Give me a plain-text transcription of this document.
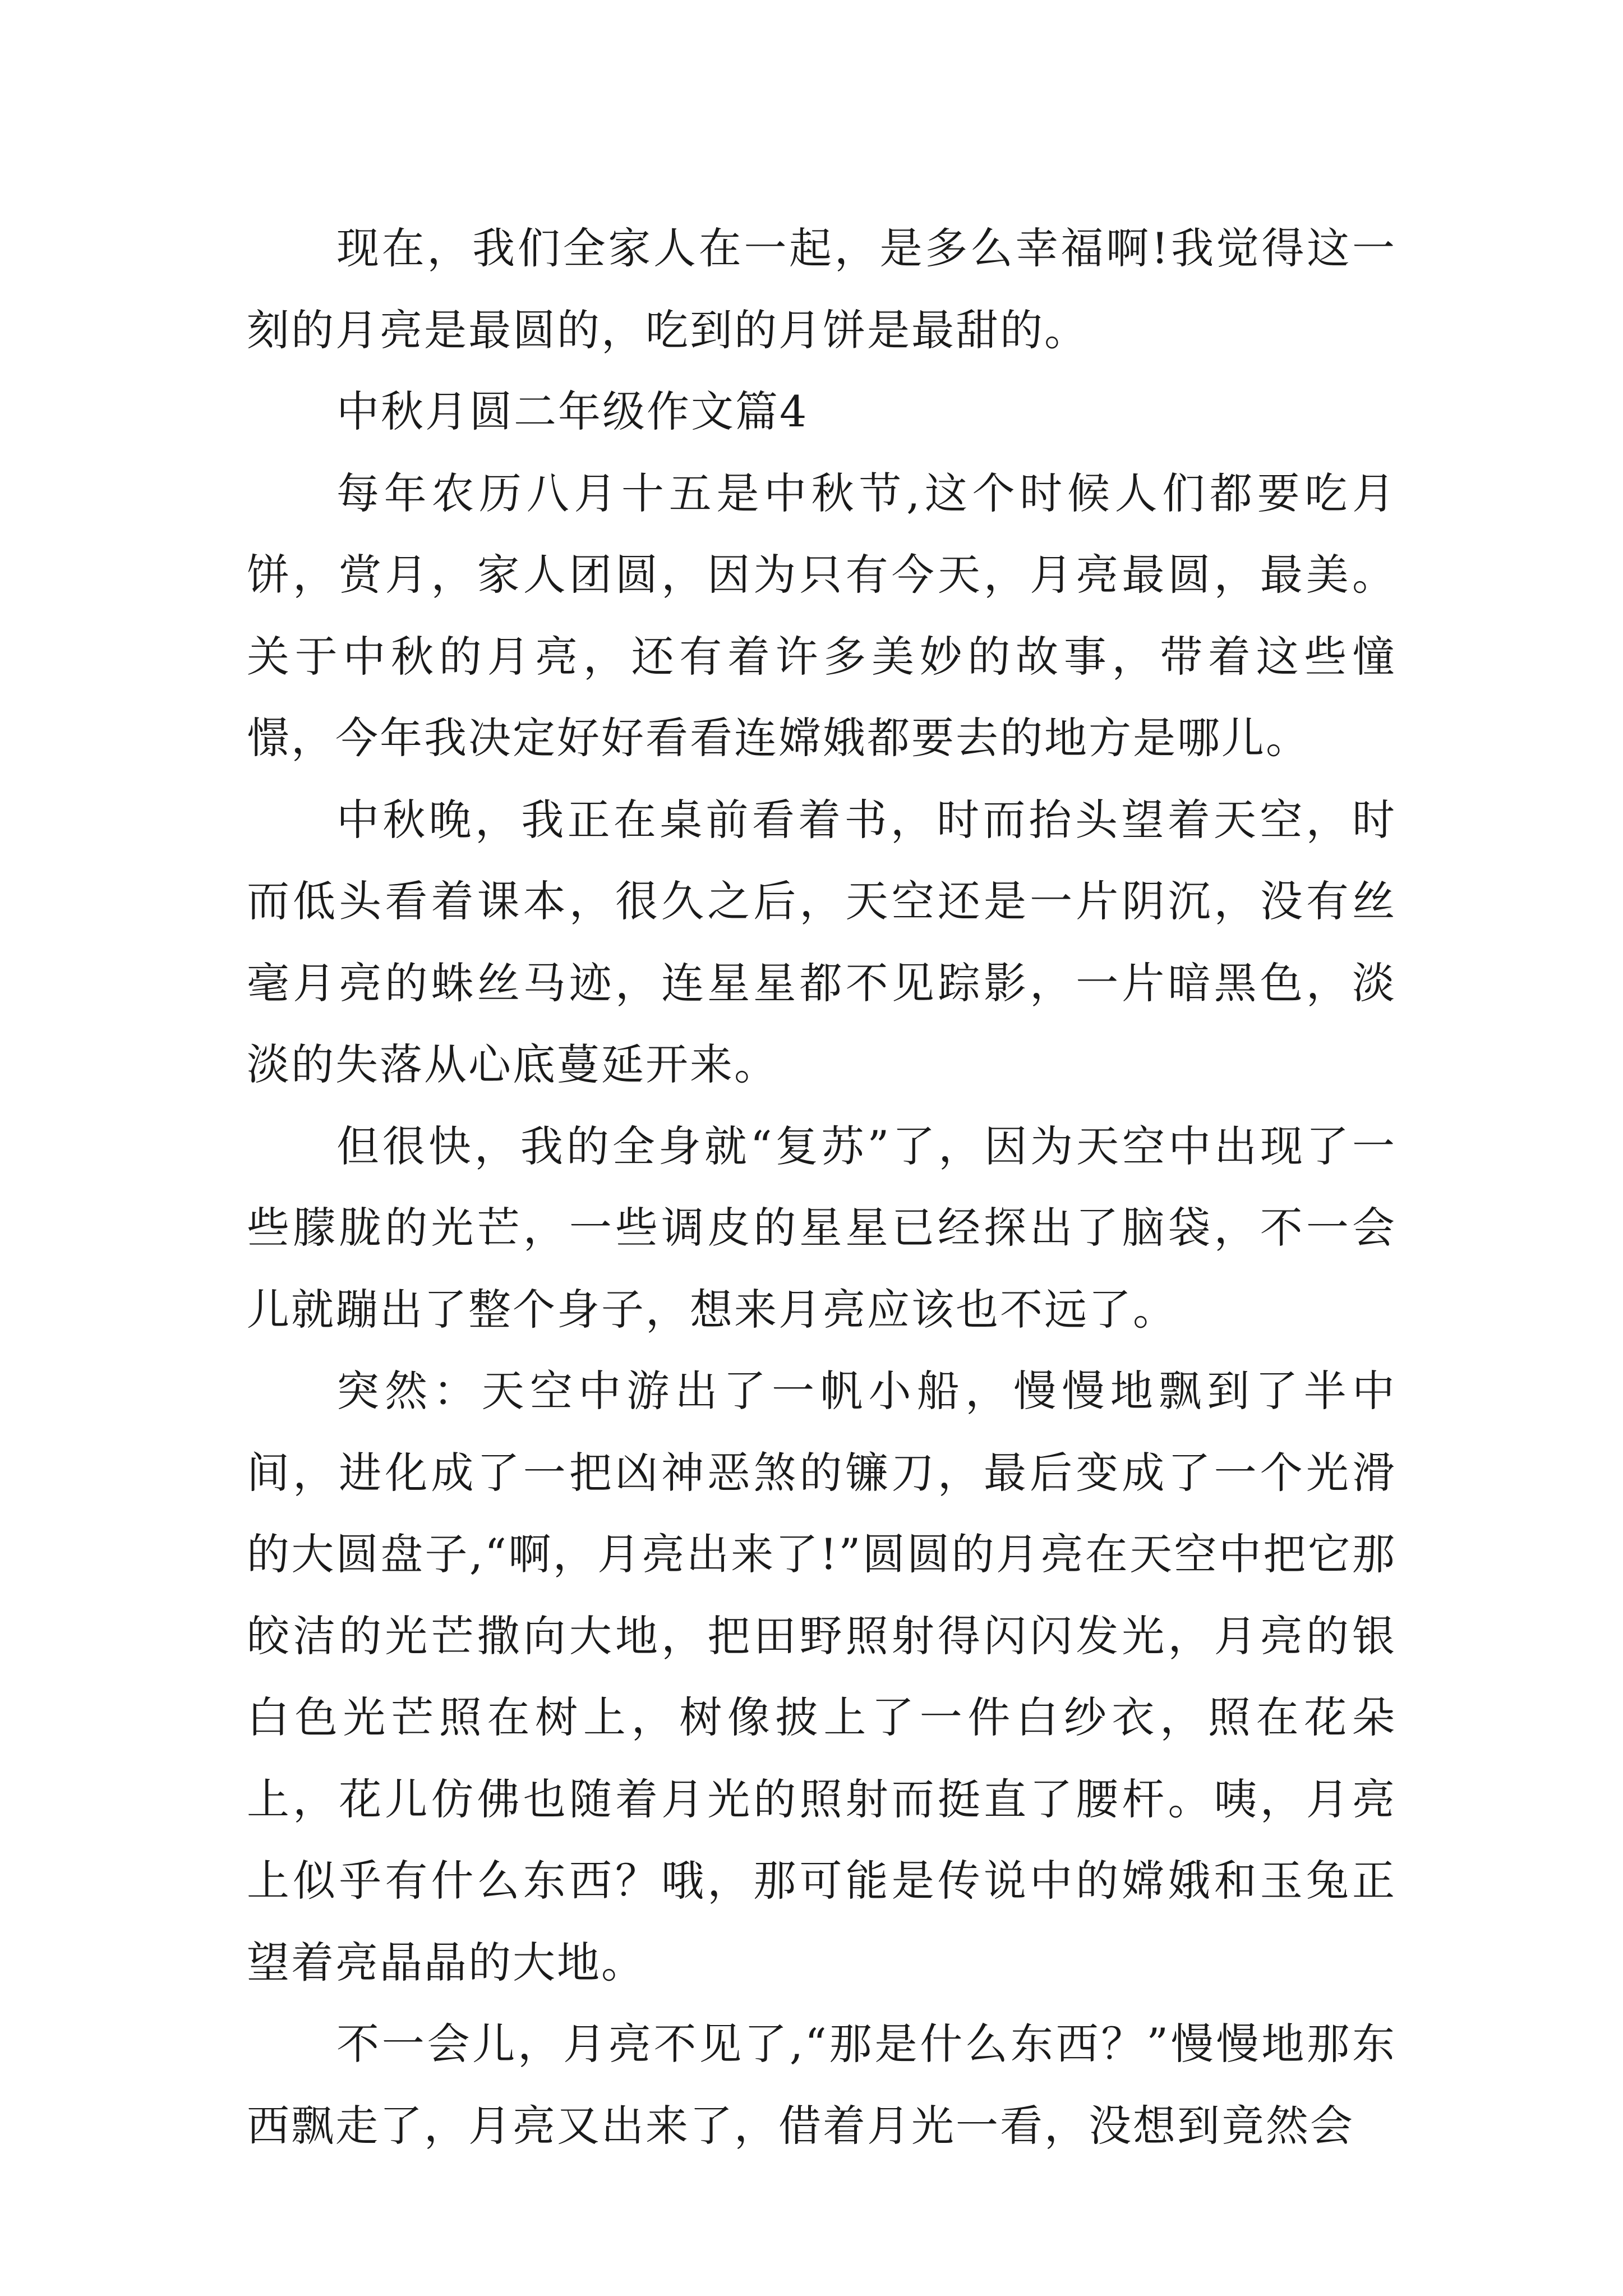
现在，我们全家人在一起，是多么幸福啊!我觉得这一刻的月亮是最圆的，吃到的月饼是最甜的。

中秋月圆二年级作文篇4

每年农历八月十五是中秋节,这个时候人们都要吃月饼，赏月，家人团圆，因为只有今天，月亮最圆，最美。关于中秋的月亮，还有着许多美妙的故事，带着这些憧憬，今年我决定好好看看连嫦娥都要去的地方是哪儿。

中秋晚，我正在桌前看着书，时而抬头望着天空，时而低头看着课本，很久之后，天空还是一片阴沉，没有丝毫月亮的蛛丝马迹，连星星都不见踪影，一片暗黑色，淡淡的失落从心底蔓延开来。

但很快，我的全身就“复苏”了，因为天空中出现了一些朦胧的光芒，一些调皮的星星已经探出了脑袋，不一会儿就蹦出了整个身子，想来月亮应该也不远了。

突然：天空中游出了一帆小船，慢慢地飘到了半中间，进化成了一把凶神恶煞的镰刀，最后变成了一个光滑的大圆盘子,“啊，月亮出来了!”圆圆的月亮在天空中把它那皎洁的光芒撒向大地，把田野照射得闪闪发光，月亮的银白色光芒照在树上，树像披上了一件白纱衣，照在花朵上，花儿仿佛也随着月光的照射而挺直了腰杆。咦，月亮上似乎有什么东西？哦，那可能是传说中的嫦娥和玉兔正望着亮晶晶的大地。

不一会儿，月亮不见了,“那是什么东西？”慢慢地那东西飘走了，月亮又出来了，借着月光一看，没想到竟然会
